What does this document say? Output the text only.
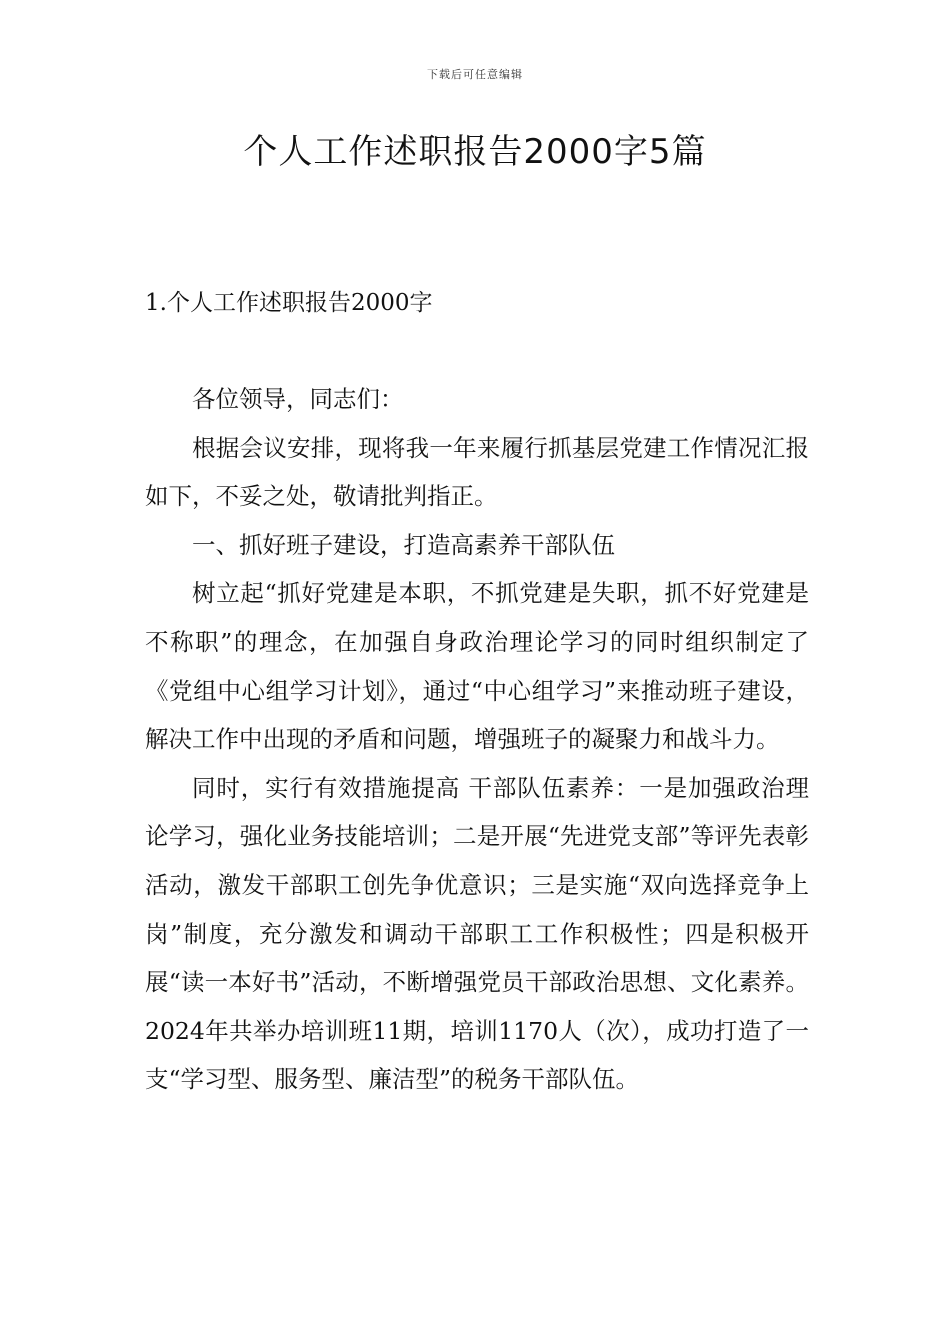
下载后可任意编辑
个人工作述职报告2000字5篇
1.个人工作述职报告2000字

各位领导，同志们：

根据会议安排，现将我一年来履行抓基层党建工作情况汇报如下，不妥之处，敬请批判指正。

一、抓好班子建设，打造高素养干部队伍

树立起“抓好党建是本职，不抓党建是失职，抓不好党建是不称职”的理念，在加强自身政治理论学习的同时组织制定了《党组中心组学习计划》，通过“中心组学习”来推动班子建设，解决工作中出现的矛盾和问题，增强班子的凝聚力和战斗力。

同时，实行有效措施提高 干部队伍素养：一是加强政治理论学习，强化业务技能培训；二是开展“先进党支部”等评先表彰活动，激发干部职工创先争优意识；三是实施“双向选择竞争上岗”制度，充分激发和调动干部职工工作积极性；四是积极开展“读一本好书”活动，不断增强党员干部政治思想、文化素养。2024年共举办培训班11期，培训1170人（次），成功打造了一支“学习型、服务型、廉洁型”的税务干部队伍。
